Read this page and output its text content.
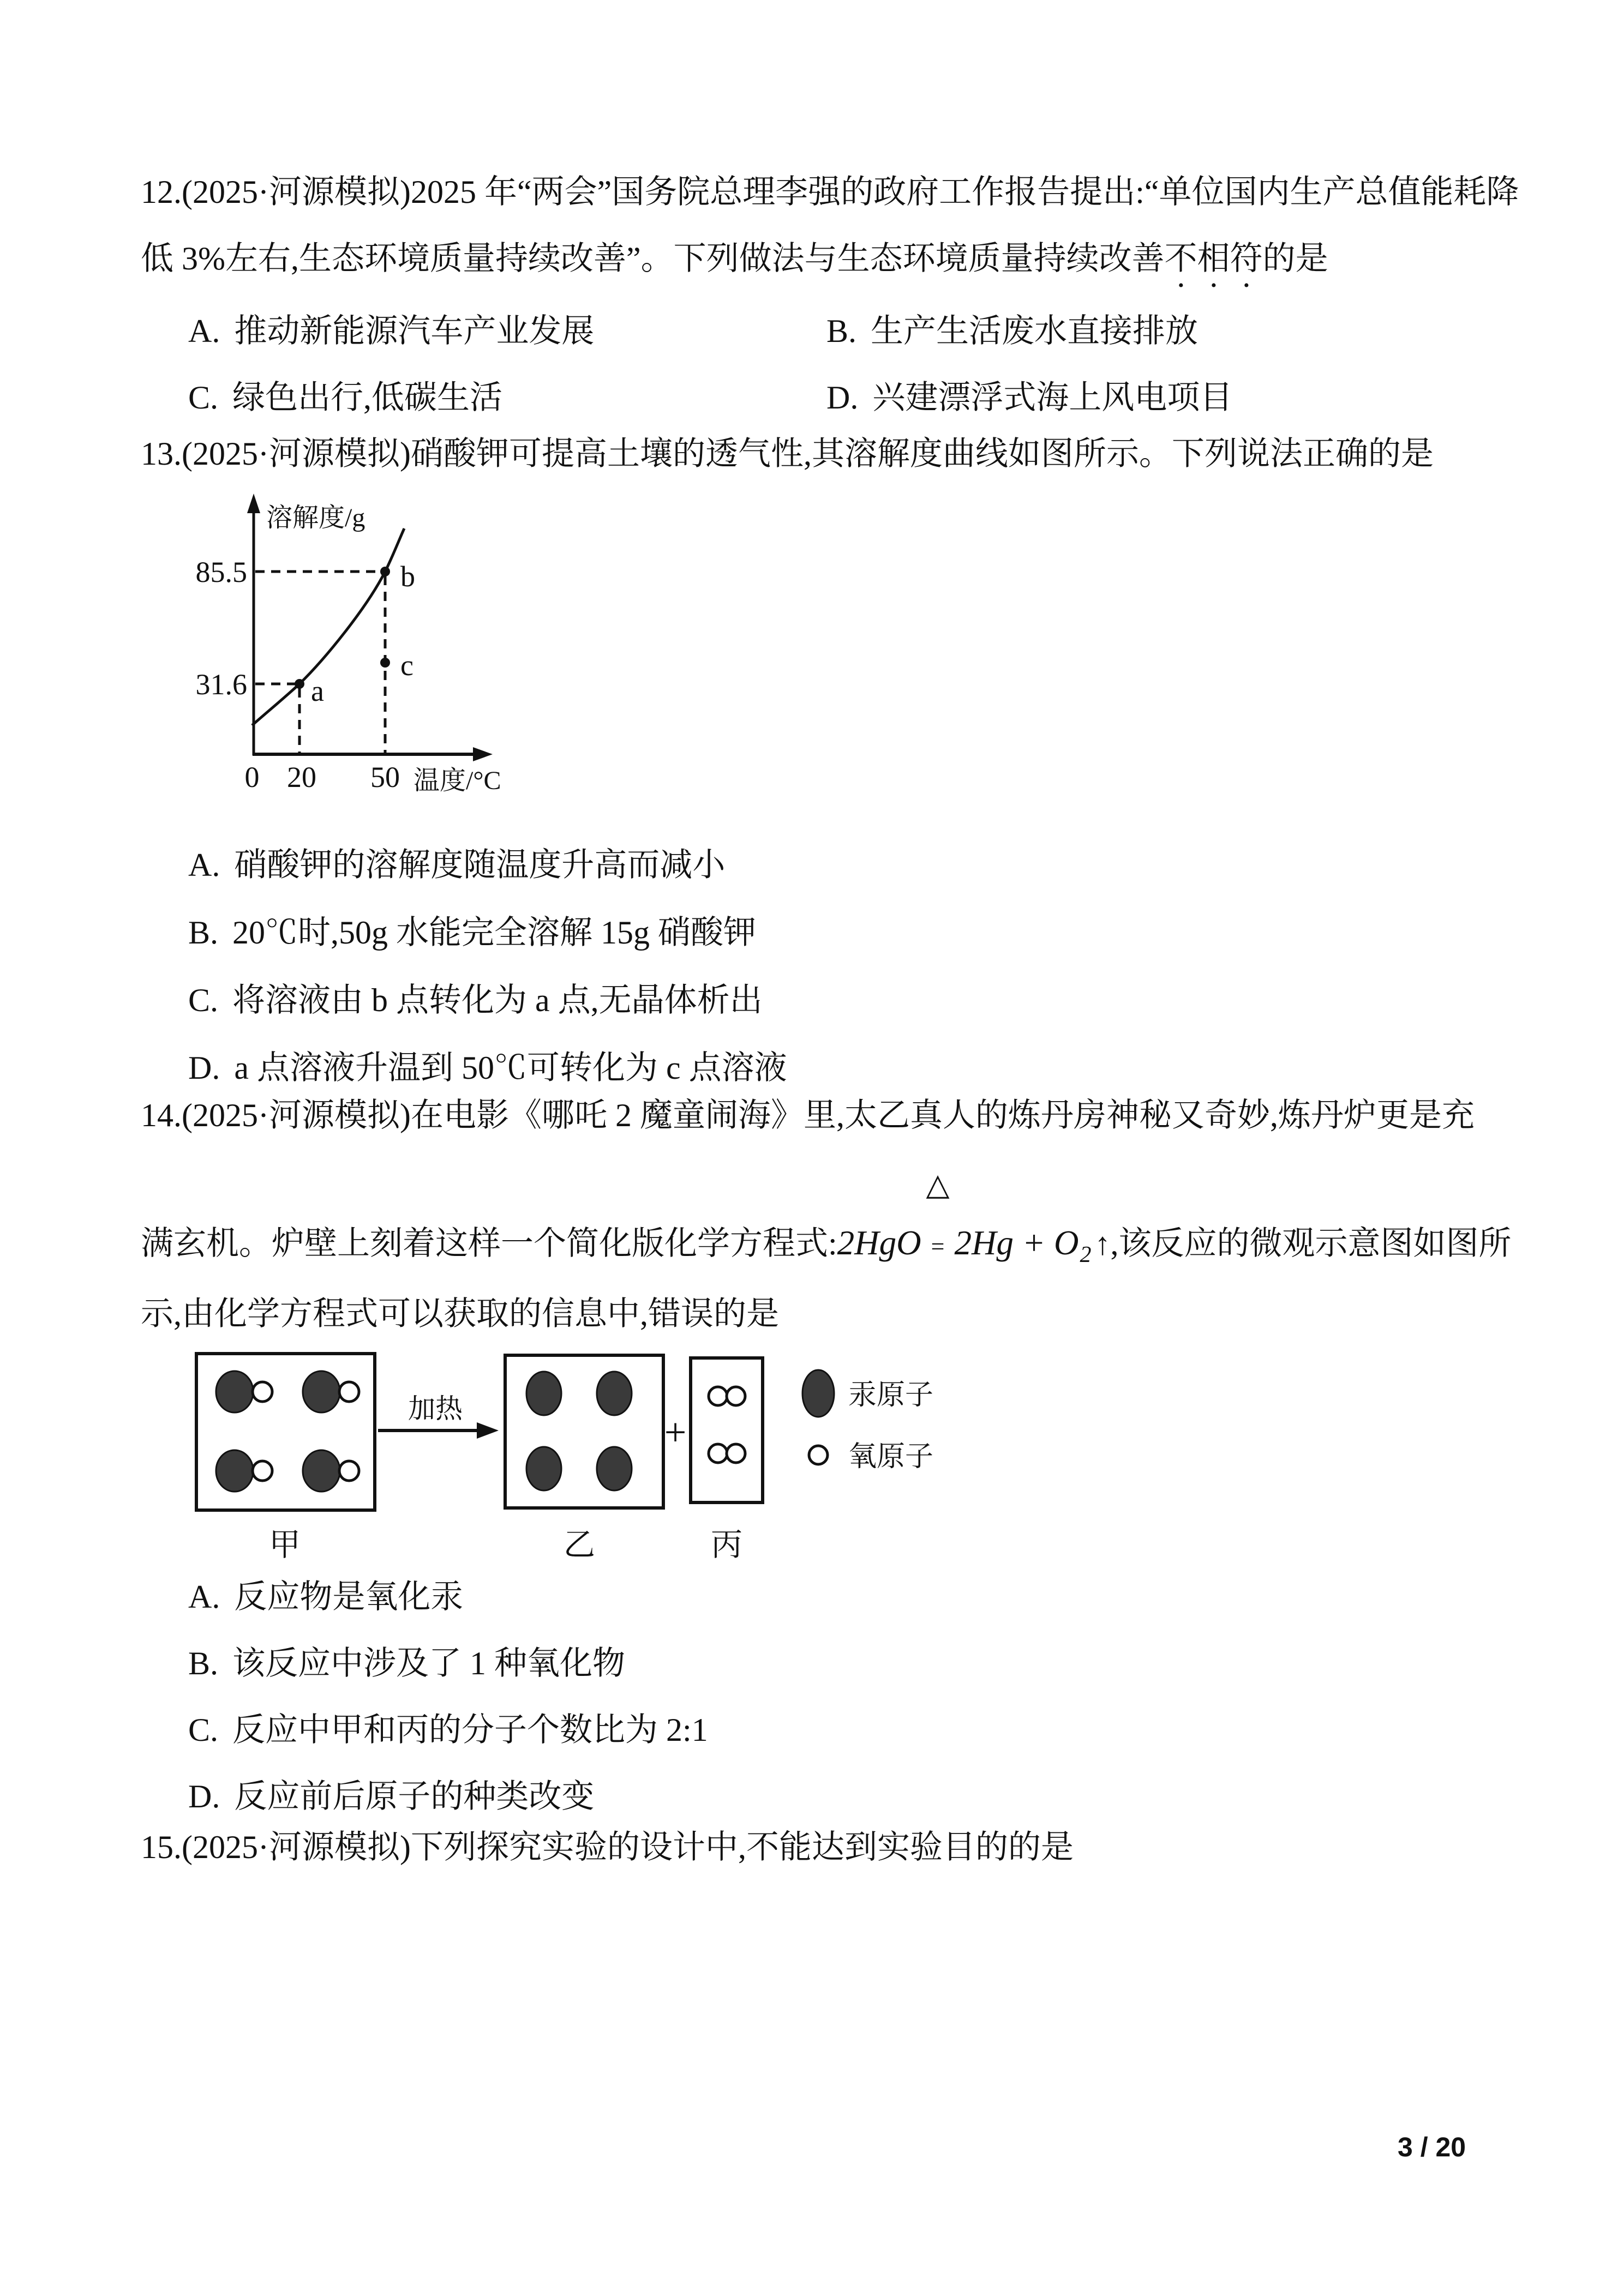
12.(2025·河源模拟)2025 年“两会”国务院总理李强的政府工作报告提出:“单位国内生产总值能耗降
低 3%左右,生态环境质量持续改善”。下列做法与生态环境质量持续改善不相符的是
A. 推动新能源汽车产业发展	B. 生产生活废水直接排放
C. 绿色出行,低碳生活	D. 兴建漂浮式海上风电项目
13.(2025·河源模拟)硝酸钾可提高土壤的透气性,其溶解度曲线如图所示。下列说法正确的是
溶解度/g
温度/°C
85.5
31.6
0 20 50
a
b
c
A. 硝酸钾的溶解度随温度升高而减小
B. 20℃时,50g 水能完全溶解 15g 硝酸钾
C. 将溶液由 b 点转化为 a 点,无晶体析出
D. a 点溶液升温到 50℃可转化为 c 点溶液
14.(2025·河源模拟)在电影《哪吒 2 魔童闹海》里,太乙真人的炼丹房神秘又奇妙,炼丹炉更是充
满玄机。炉壁上刻着这样一个简化版化学方程式:2HgO
△
= $2Hg + O_2$ ↑,该反应的微观示意图如图所
示,由化学方程式可以获取的信息中,错误的是
甲
加热
乙
+
丙
汞原子
氧原子
A. 反应物是氧化汞
B. 该反应中涉及了 1 种氧化物
C. 反应中甲和丙的分子个数比为 2:1
D. 反应前后原子的种类改变
15.(2025·河源模拟)下列探究实验的设计中,不能达到实验目的的是
3 / 20
